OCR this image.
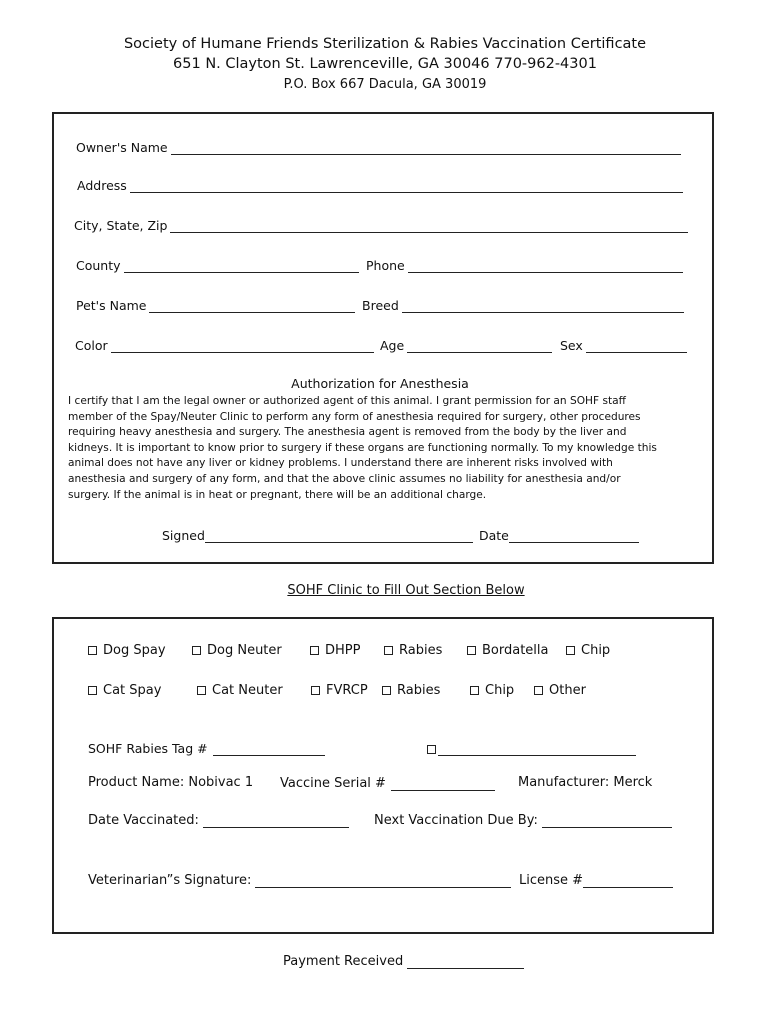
Society of Humane Friends Sterilization & Rabies Vaccination Certificate
651 N. Clayton St. Lawrenceville, GA 30046 770-962-4301
P.O. Box 667 Dacula, GA 30019
Owner's Name
Address
City, State, Zip
County	Phone
Pet's Name	Breed
Color	Age	Sex
Authorization for Anesthesia
I certify that I am the legal owner or authorized agent of this animal. I grant permission for an SOHF staff
member of the Spay/Neuter Clinic to perform any form of anesthesia required for surgery, other procedures
requiring heavy anesthesia and surgery. The anesthesia agent is removed from the body by the liver and
kidneys. It is important to know prior to surgery if these organs are functioning normally. To my knowledge this
animal does not have any liver or kidney problems. I understand there are inherent risks involved with
anesthesia and surgery of any form, and that the above clinic assumes no liability for anesthesia and/or
surgery. If the animal is in heat or pregnant, there will be an additional charge.
Signed	Date
SOHF Clinic to Fill Out Section Below
Dog Spay	Dog Neuter	DHPP	Rabies	Bordatella	Chip
Cat Spay	Cat Neuter	FVRCP Rabies	Chip	Other
SOHF Rabies Tag #
Product Name: Nobivac 1 Vaccine Serial #	Manufacturer: Merck
Date Vaccinated:	Next Vaccination Due By:
Veterinarian”s Signature:	License #
Payment Received
